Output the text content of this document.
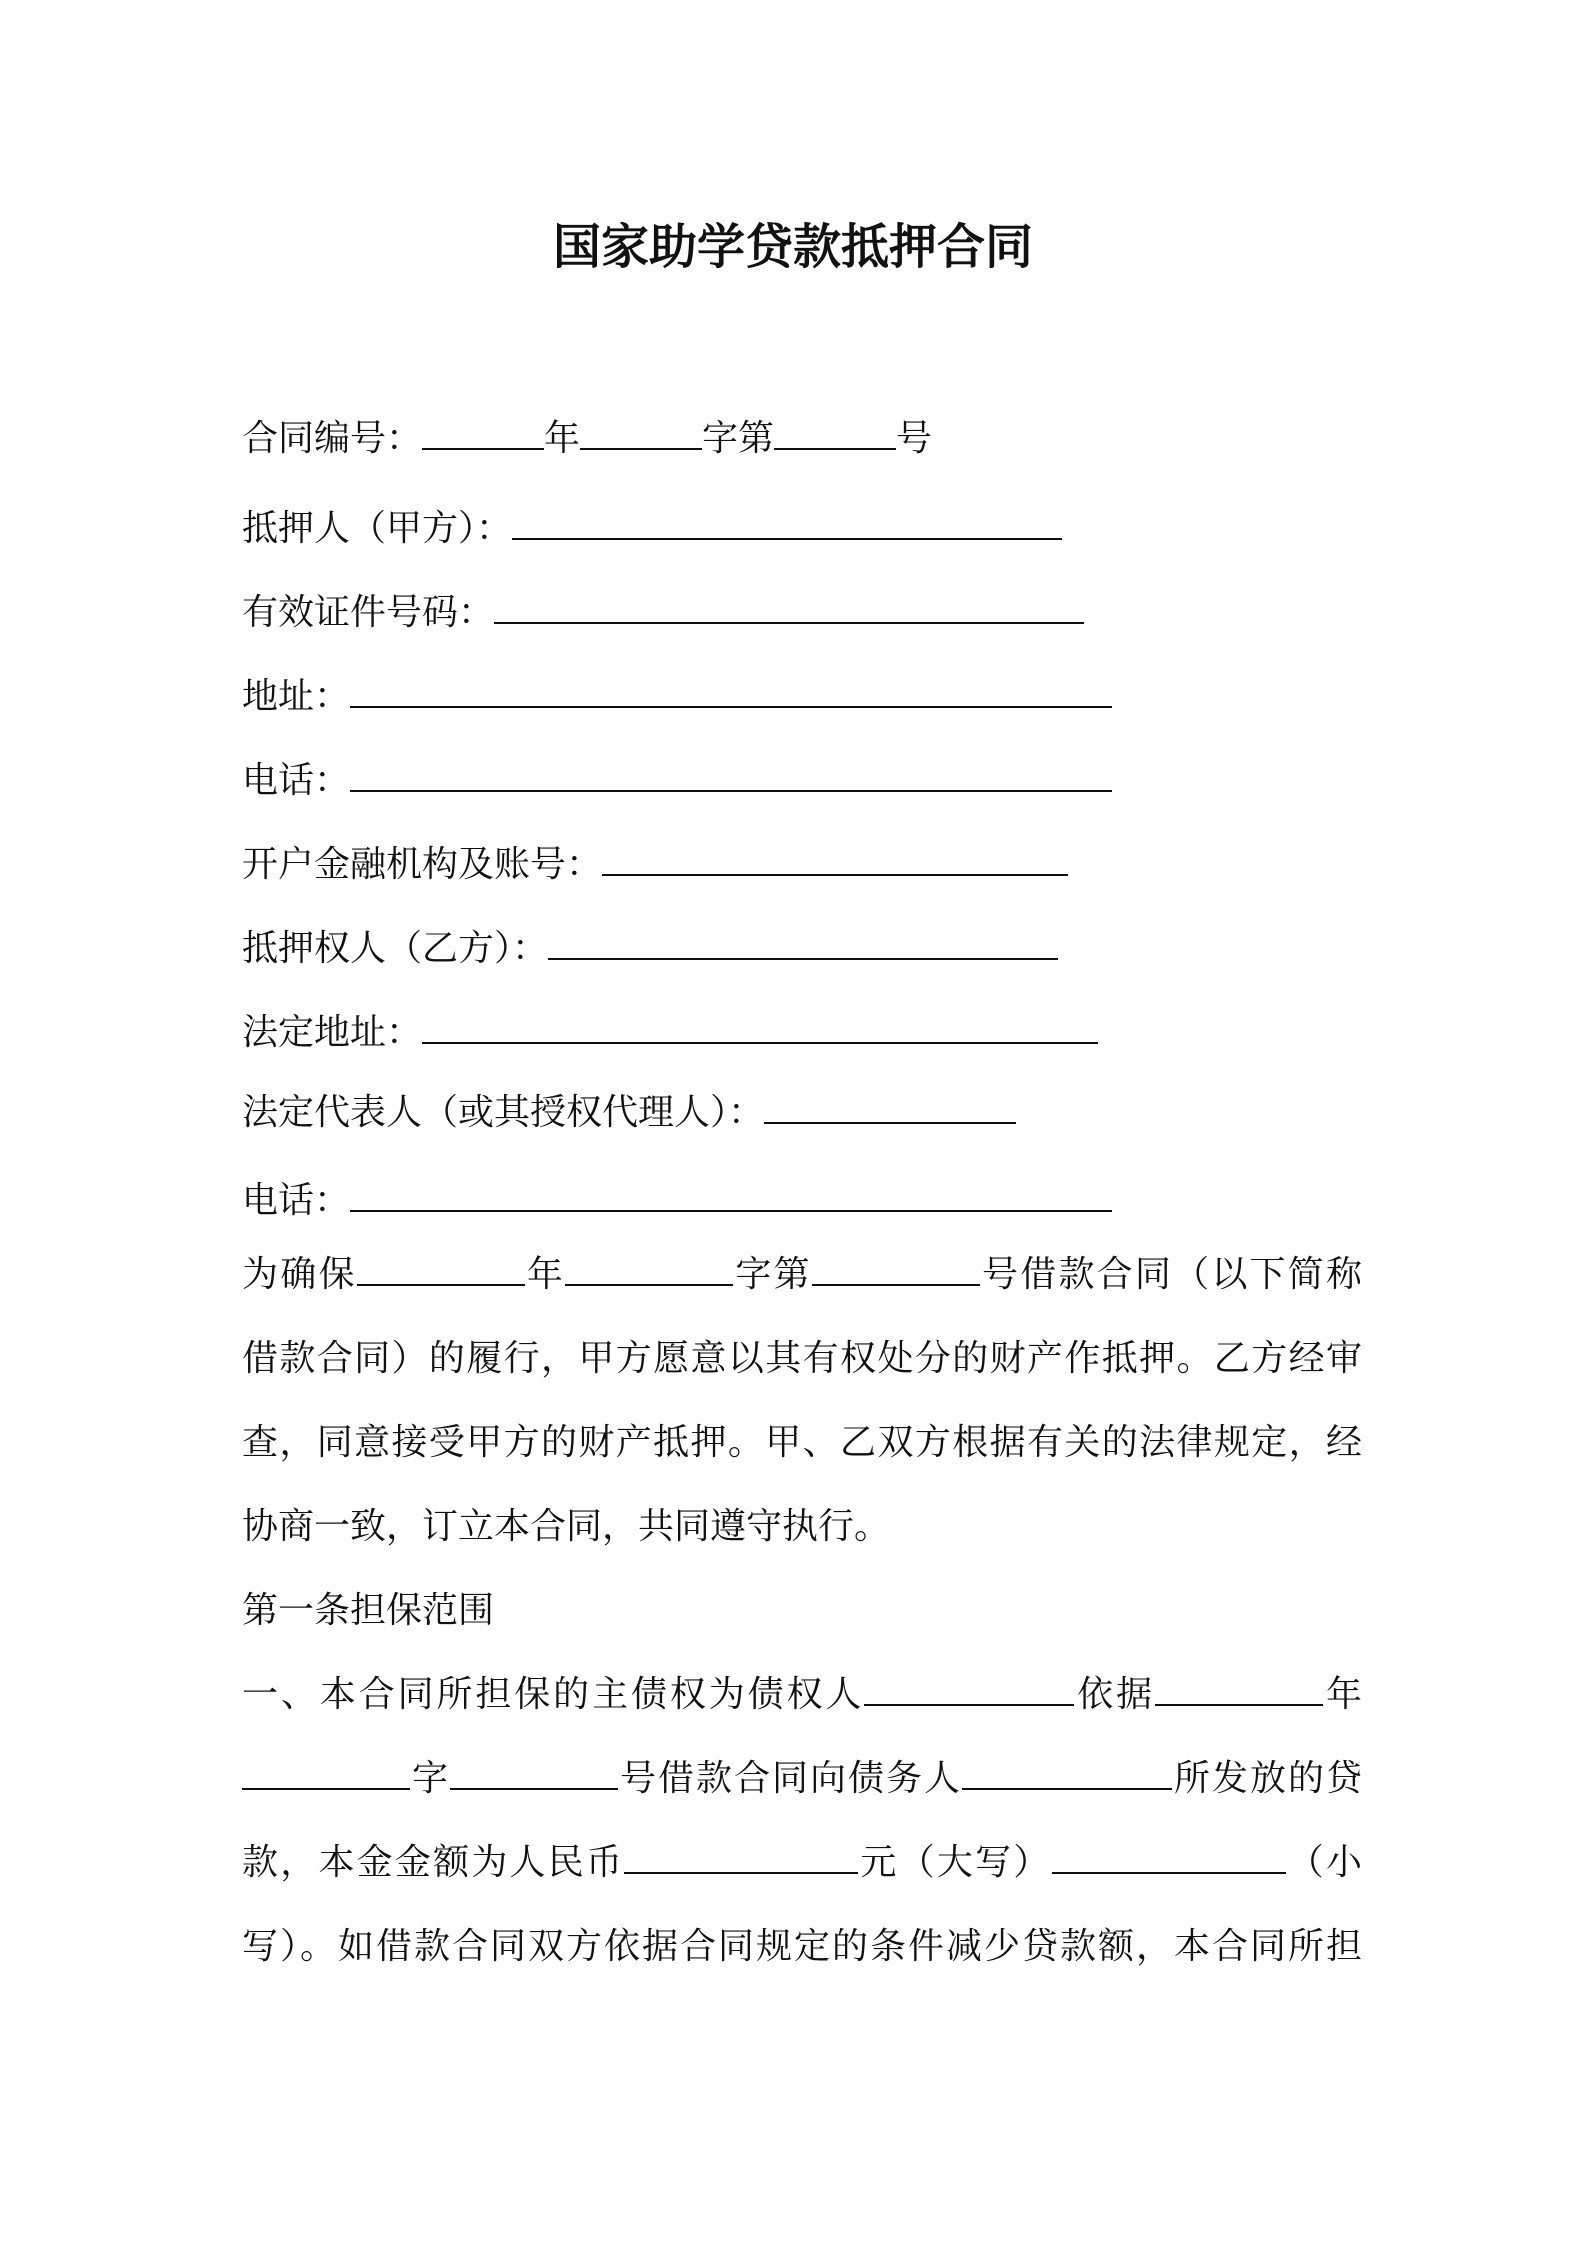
国家助学贷款抵押合同
合同编号：	年	字第	号
抵押人（甲方）：
有效证件号码：
地址：
电话：
开户金融机构及账号：
抵押权人（乙方）：
法定地址：
法定代表人（或其授权代理人）：
电话：
为确保	年	字第	号借款合同（以下简称
借款合同）的履行，甲方愿意以其有权处分的财产作抵押。乙方经审
查，同意接受甲方的财产抵押。甲、乙双方根据有关的法律规定，经
协商一致，订立本合同，共同遵守执行。
第一条担保范围
一、本合同所担保的主债权为债权人	依据	年
字	号借款合同向债务人	所发放的贷
款，本金金额为人民币	元（大写）	（小
写）。如借款合同双方依据合同规定的条件减少贷款额，本合同所担
